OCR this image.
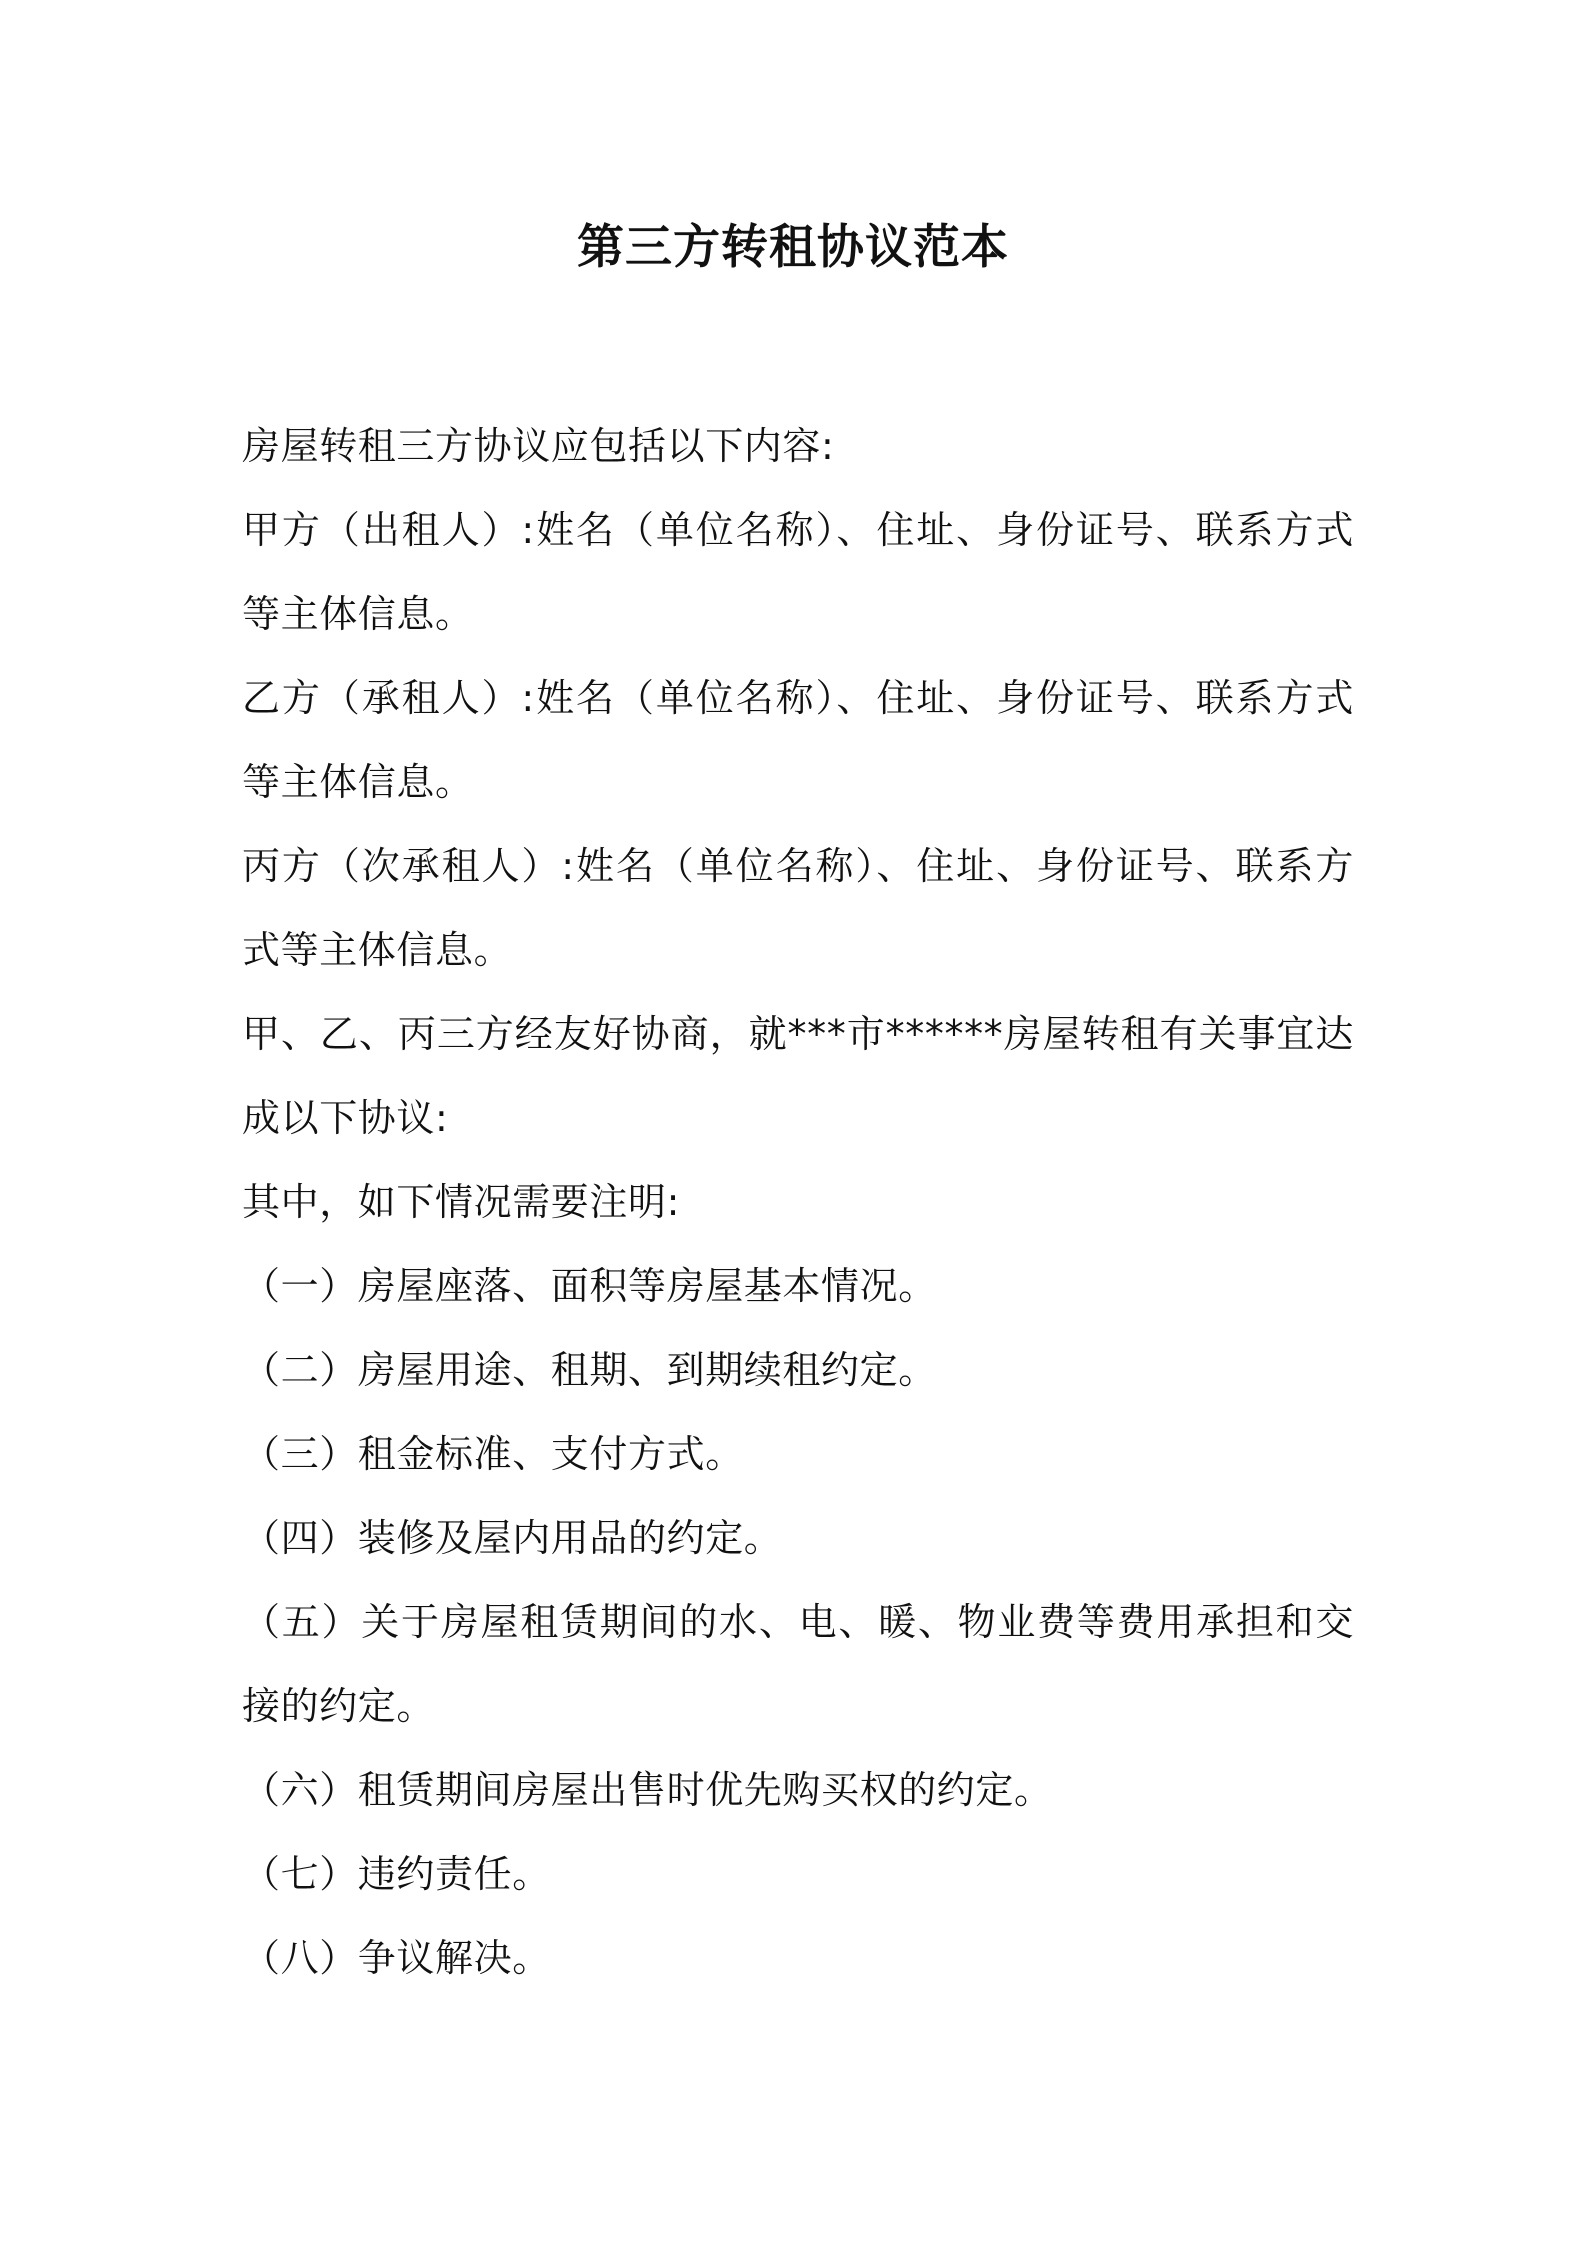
第三方转租协议范本

房屋转租三方协议应包括以下内容:

甲方（出租人）:姓名（单位名称）、住址、身份证号、联系方式等主体信息。

乙方（承租人）:姓名（单位名称）、住址、身份证号、联系方式等主体信息。

丙方（次承租人）:姓名（单位名称）、住址、身份证号、联系方式等主体信息。

甲、乙、丙三方经友好协商，就***市******房屋转租有关事宜达成以下协议:

其中，如下情况需要注明:

（一）房屋座落、面积等房屋基本情况。

（二）房屋用途、租期、到期续租约定。

（三）租金标准、支付方式。

（四）装修及屋内用品的约定。

（五）关于房屋租赁期间的水、电、暖、物业费等费用承担和交接的约定。

（六）租赁期间房屋出售时优先购买权的约定。

（七）违约责任。

（八）争议解决。
